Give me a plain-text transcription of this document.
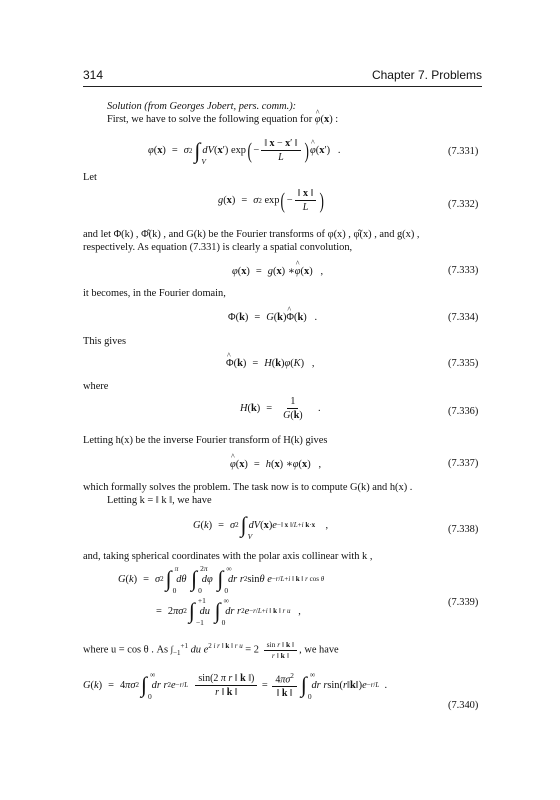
314	Chapter 7. Problems
Solution (from Georges Jobert, pers. comm.):
First, we have to solve the following equation for ^ φ(x) :
φ ( x ) = σ 2 ∫ V
dV ( x ′) exp ( − $\frac{‖ x - x' ‖}{L}$ ) ^ φ ( x ′)   .	(7.331)
Let
g ( x ) = σ 2 exp ( − $\frac{‖ x ‖}{L}$ )	(7.332)
and let Φ(k) , Φ̂(k) , and G(k) be the Fourier transforms of φ(x) , φ̂(x) , and g(x) ,
respectively. As equation (7.331) is clearly a spatial convolution,
φ ( x ) = g ( x ) ∗ ^ φ ( x )   ,	(7.333)
it becomes, in the Fourier domain,
Φ( k ) = G ( k ) ^ Φ ( k )   .	(7.334)
This gives
^ Φ ( k ) = H ( k ) φ ( K )   ,	(7.335)
where
H ( k ) = $\frac{1}{G(k)}$ .	(7.336)
Letting h(x) be the inverse Fourier transform of H(k) gives
^ φ ( x ) = h ( x ) ∗ φ ( x )   ,	(7.337)
which formally solves the problem. The task now is to compute G(k) and h(x) .
Letting k = ‖ k ‖, we have
G ( k ) = σ 2 ∫ V
dV ( x ) e −‖ x ‖/L+i k·x ,	(7.338)
and, taking spherical coordinates with the polar axis collinear with k ,
G ( k ) = σ 2 ∫ π
0

dθ
∫ 2π
0

dφ
∫ ∞
0

dr r 2 sin θ e −r/L+i ‖ k ‖ r cos θ
= 2 πσ 2 ∫ +1
−1

du
∫ ∞
0

dr r 2 e −r/L+i ‖ k ‖ r u ,
(7.339)
where u = cos θ . As $\int_{-1}^{+1}$ du $e^{2 i r ‖ k ‖ r u} = 2 \frac{\text{sin r ‖ k ‖}}{r ‖ k ‖}$ , we have
G ( k ) = 4 πσ 2 ∫ ∞
0

dr r 2 e −r/L
$\frac{\text{sin(2 π r ‖ k ‖)}}{r ‖ k ‖} = \frac{4\pi\sigma^2}{‖ k ‖}$ ∫ ∞
0

dr r sin( r ‖ k ‖) e −r/L .
(7.340)
